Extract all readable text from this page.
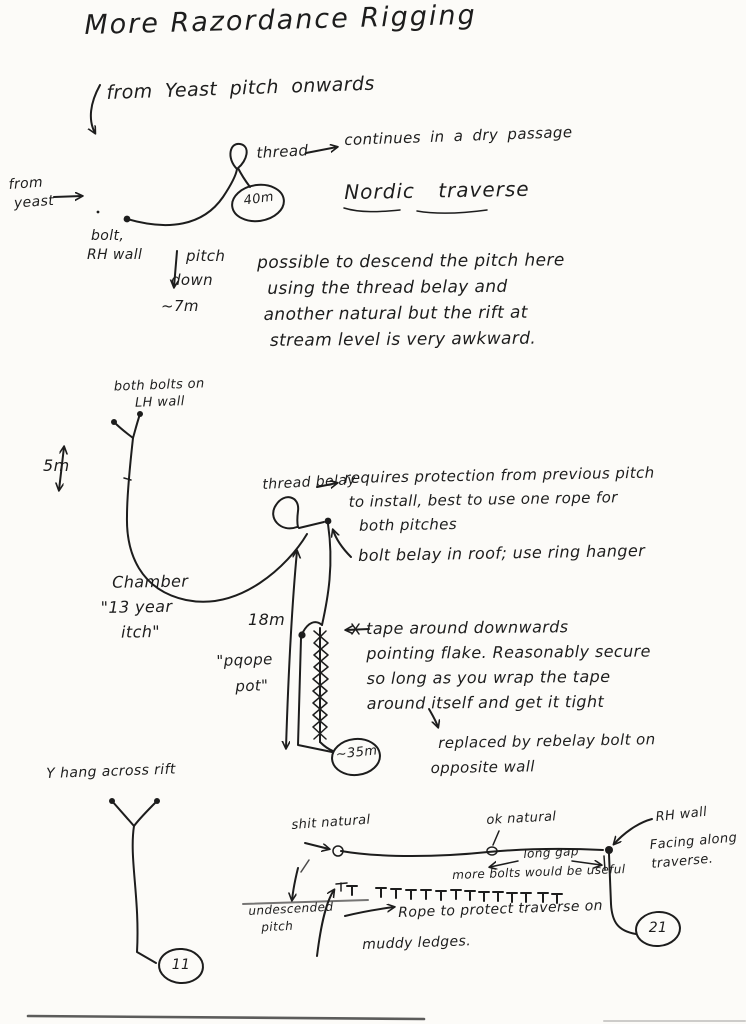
More Razordance Rigging
from Yeast pitch onwards
from
yeast
bolt,
RH wall
thread
continues in a dry passage
Nordic traverse
40m
pitch
down
~7m
possible to descend the pitch here
using the thread belay and
another natural but the rift at
stream level is very awkward.
both bolts on
LH wall
5m
thread belay
requires protection from previous pitch
to install, best to use one rope for
both pitches
bolt belay in roof; use ring hanger
Chamber
"13 year
itch"
18m
"pqope
pot"
tape around downwards
pointing flake. Reasonably secure
so long as you wrap the tape
around itself and get it tight
replaced by rebelay bolt on
opposite wall
~35m
Y hang across rift
11
shit natural	ok natural	RH wall
Facing along
traverse.
long gap
more bolts would be useful
undescended
pitch
Rope to protect traverse on
muddy ledges.
21
